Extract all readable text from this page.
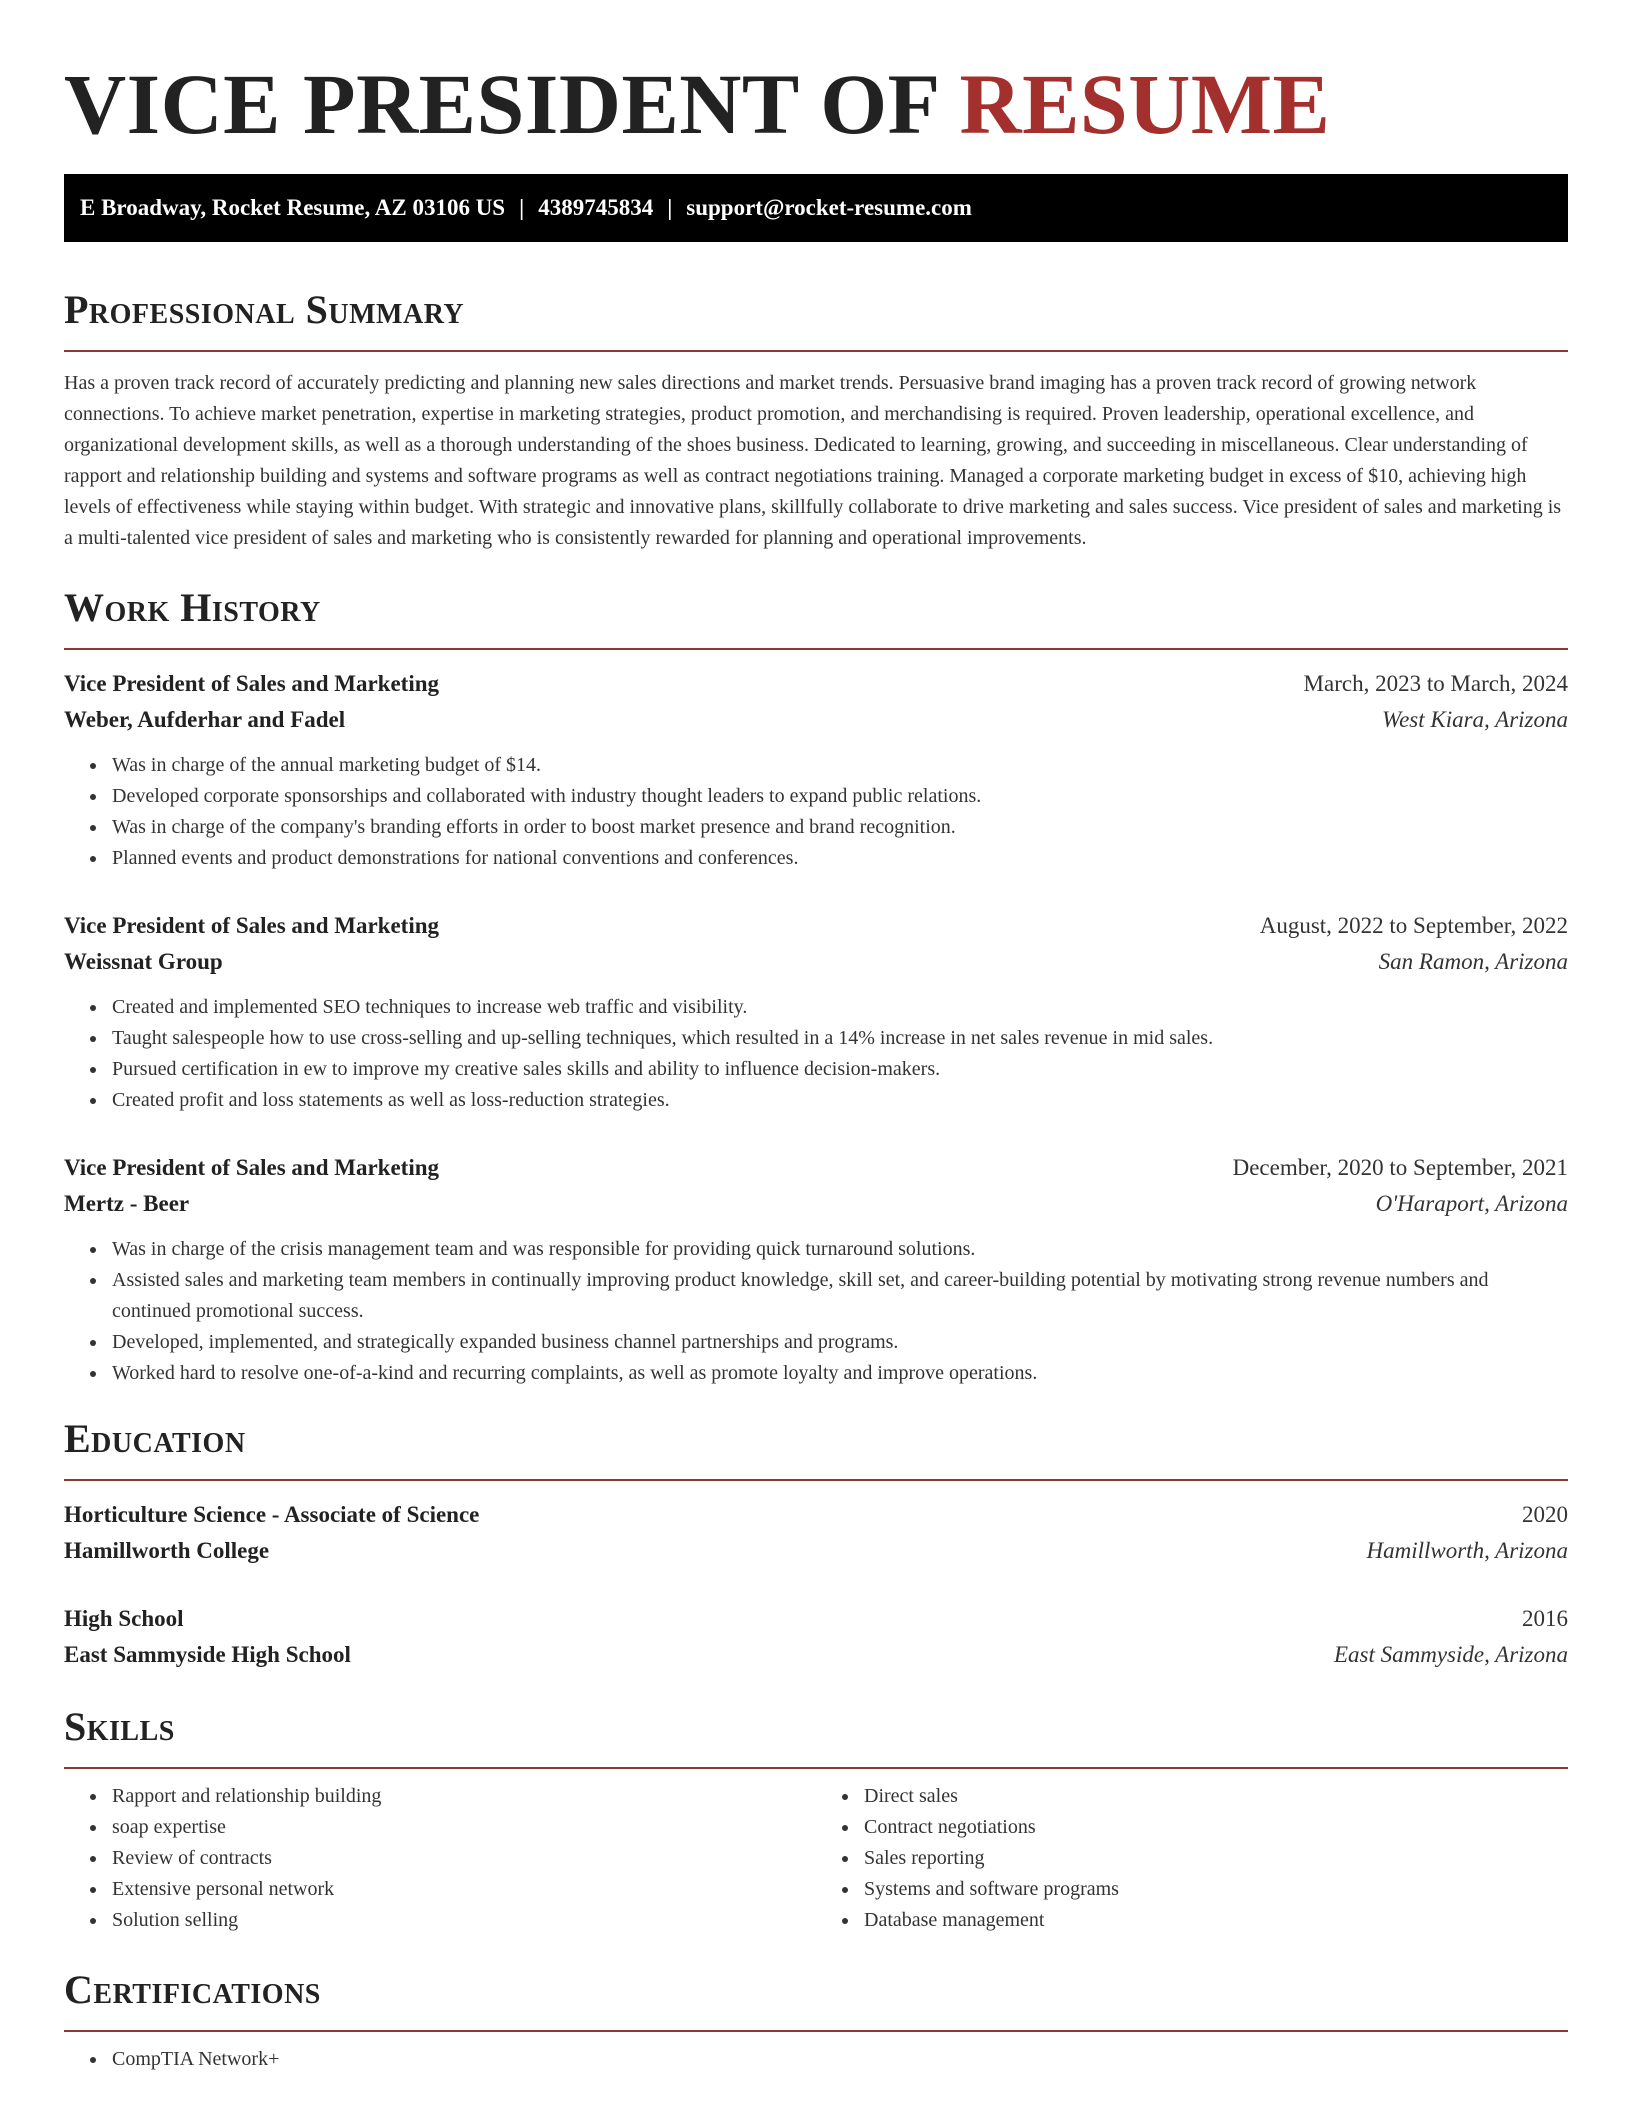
VICE PRESIDENT OF RESUME
E Broadway, Rocket Resume, AZ 03106 US | 4389745834 | support@rocket-resume.com
Professional Summary

Has a proven track record of accurately predicting and planning new sales directions and market trends. Persuasive brand imaging has a proven track record of growing network connections. To achieve market penetration, expertise in marketing strategies, product promotion, and merchandising is required. Proven leadership, operational excellence, and organizational development skills, as well as a thorough understanding of the shoes business. Dedicated to learning, growing, and succeeding in miscellaneous. Clear understanding of rapport and relationship building and systems and software programs as well as contract negotiations training. Managed a corporate marketing budget in excess of $10, achieving high levels of effectiveness while staying within budget. With strategic and innovative plans, skillfully collaborate to drive marketing and sales success. Vice president of sales and marketing is a multi-talented vice president of sales and marketing who is consistently rewarded for planning and operational improvements.

Work History
Vice President of Sales and Marketing	March, 2023 to March, 2024
Weber, Aufderhar and Fadel	West Kiara, Arizona
• Was in charge of the annual marketing budget of $14.
• Developed corporate sponsorships and collaborated with industry thought leaders to expand public relations.
• Was in charge of the company's branding efforts in order to boost market presence and brand recognition.
• Planned events and product demonstrations for national conventions and conferences.
Vice President of Sales and Marketing	August, 2022 to September, 2022
Weissnat Group	San Ramon, Arizona
• Created and implemented SEO techniques to increase web traffic and visibility.
• Taught salespeople how to use cross-selling and up-selling techniques, which resulted in a 14% increase in net sales revenue in mid sales.
• Pursued certification in ew to improve my creative sales skills and ability to influence decision-makers.
• Created profit and loss statements as well as loss-reduction strategies.
Vice President of Sales and Marketing	December, 2020 to September, 2021
Mertz - Beer	O'Haraport, Arizona
• Was in charge of the crisis management team and was responsible for providing quick turnaround solutions.
• Assisted sales and marketing team members in continually improving product knowledge, skill set, and career-building potential by motivating strong revenue numbers and continued promotional success.
• Developed, implemented, and strategically expanded business channel partnerships and programs.
• Worked hard to resolve one-of-a-kind and recurring complaints, as well as promote loyalty and improve operations.
Education
Horticulture Science - Associate of Science	2020
Hamillworth College	Hamillworth, Arizona
High School	2016
East Sammyside High School	East Sammyside, Arizona
Skills
• Rapport and relationship building
• soap expertise
• Review of contracts
• Extensive personal network
• Solution selling
• Direct sales
• Contract negotiations
• Sales reporting
• Systems and software programs
• Database management
Certifications
• CompTIA Network+
